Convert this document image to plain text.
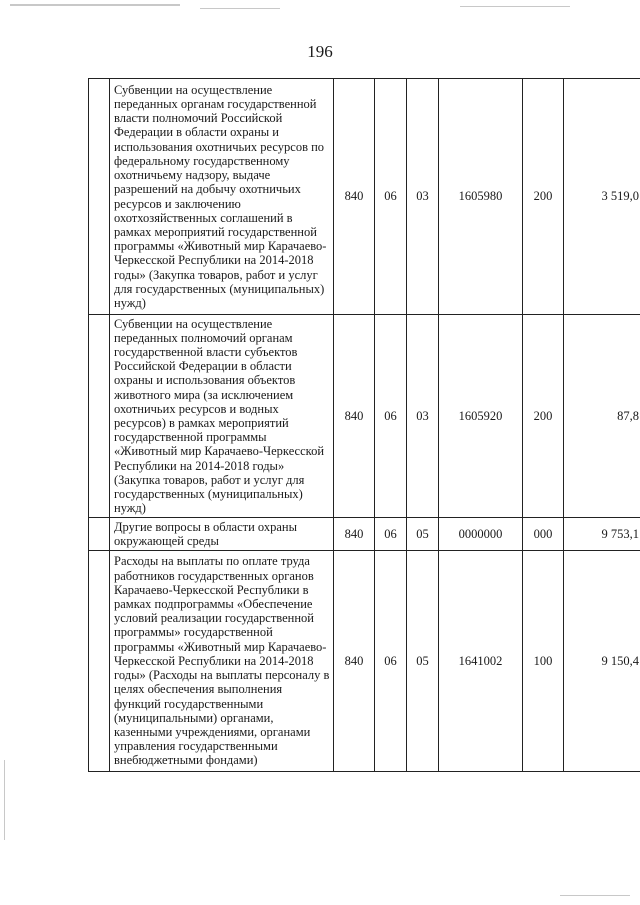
196
	Субвенции на осуществление переданных органам государственной власти полномочий Российской Федерации в области охраны и использования охотничьих ресурсов по федеральному государственному охотничьему надзору, выдаче разрешений на добычу охотничьих ресурсов и заключению охотхозяйственных соглашений в рамках мероприятий государственной программы «Животный мир Карачаево-Черкесской Республики на 2014-2018 годы» (Закупка товаров, работ и услуг для государственных (муниципальных) нужд)	840	06	03	1605980	200	3 519,0
	Субвенции на осуществление переданных полномочий органам государственной власти субъектов Российской Федерации в области охраны и использования объектов животного мира (за исключением охотничьих ресурсов и водных ресурсов) в рамках мероприятий государственной программы «Животный мир Карачаево-Черкесской Республики на 2014-2018 годы» (Закупка товаров, работ и услуг для государственных (муниципальных) нужд)	840	06	03	1605920	200	87,8
	Другие вопросы в области охраны окружающей среды	840	06	05	0000000	000	9 753,1
	Расходы на выплаты по оплате труда работников государственных органов Карачаево-Черкесской Республики в рамках подпрограммы «Обеспечение условий реализации государственной программы» государственной программы «Животный мир Карачаево-Черкесской Республики на 2014-2018 годы» (Расходы на выплаты персоналу в целях обеспечения выполнения функций государственными (муниципальными) органами, казенными учреждениями, органами управления государственными внебюджетными фондами)	840	06	05	1641002	100	9 150,4
